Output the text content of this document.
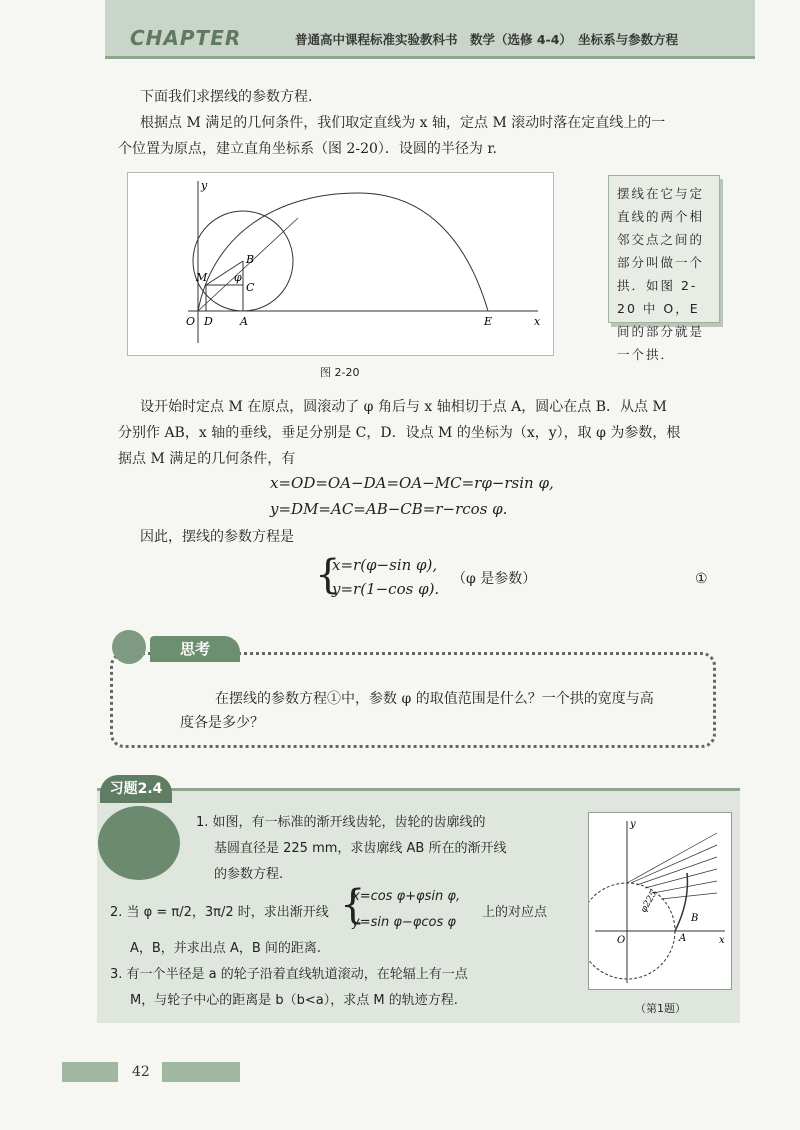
CHAPTER	普通高中课程标准实验教科书　数学（选修 4-4）　坐标系与参数方程
下面我们求摆线的参数方程.
根据点 M 满足的几何条件，我们取定直线为 x 轴，定点 M 滚动时落在定直线上的一
个位置为原点，建立直角坐标系（图 2-20）．设圆的半径为 r.
y
x
O D A	E
M
B
C
φ
图 2-20
摆线在它与定直线的两个相邻交点之间的部分叫做一个拱．如图 2-20 中 O，E 间的部分就是一个拱．
设开始时定点 M 在原点，圆滚动了 φ 角后与 x 轴相切于点 A，圆心在点 B．从点 M
分别作 AB，x 轴的垂线，垂足分别是 C，D．设点 M 的坐标为（x，y），取 φ 为参数，根
据点 M 满足的几何条件，有
x=OD=OA−DA=OA−MC=rφ−rsin φ,
y=DM=AC=AB−CB=r−rcos φ.
因此，摆线的参数方程是
{
x=r(φ−sin φ),
y=r(1−cos φ).
（φ 是参数）	①
思考
在摆线的参数方程①中，参数 φ 的取值范围是什么？一个拱的宽度与高
度各是多少？
习题2.4
1. 如图，有一标准的渐开线齿轮，齿轮的齿廓线的
基圆直径是 225 mm，求齿廓线 AB 所在的渐开线
的参数方程.
2. 当 φ = π/2，3π/2 时，求出渐开线 {
x=cos φ+φsin φ,
y=sin φ−φcos φ
上的对应点
A，B，并求出点 A，B 间的距离.
3. 有一个半径是 a 的轮子沿着直线轨道滚动，在轮辐上有一点
M，与轮子中心的距离是 b（b<a），求点 M 的轨迹方程.
y
x
O	A
B
φ225
（第1题）
42
